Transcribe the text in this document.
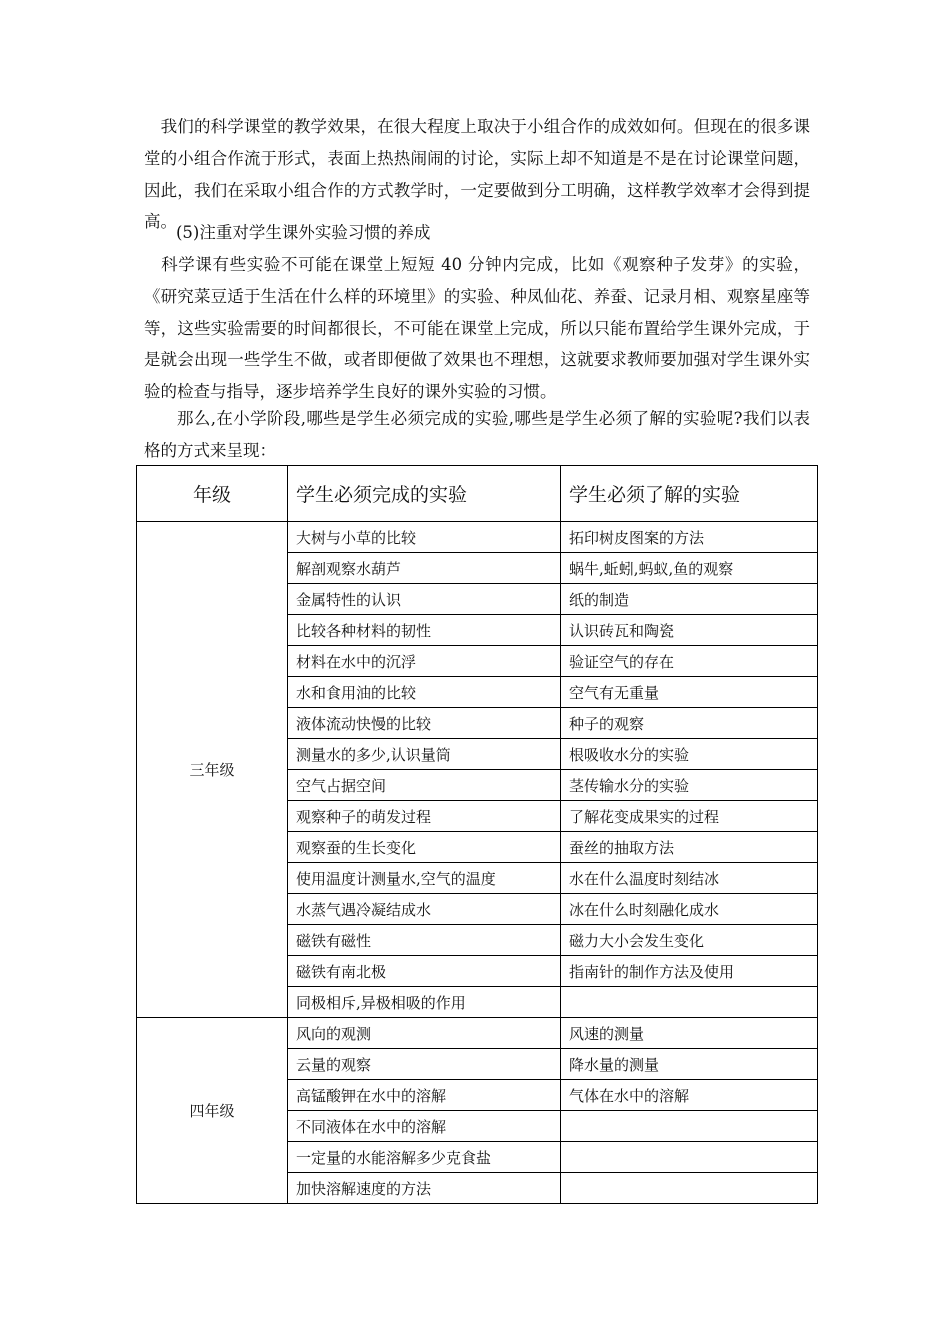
　我们的科学课堂的教学效果，在很大程度上取决于小组合作的成效如何。但现在的很多课堂的小组合作流于形式，表面上热热闹闹的讨论，实际上却不知道是不是在讨论课堂问题，因此，我们在采取小组合作的方式教学时，一定要做到分工明确，这样教学效率才会得到提高。

(5)注重对学生课外实验习惯的养成

　科学课有些实验不可能在课堂上短短 40 分钟内完成，比如《观察种子发芽》的实验，《研究菜豆适于生活在什么样的环境里》的实验、种凤仙花、养蚕、记录月相、观察星座等等，这些实验需要的时间都很长，不可能在课堂上完成，所以只能布置给学生课外完成，于是就会出现一些学生不做，或者即便做了效果也不理想，这就要求教师要加强对学生课外实验的检查与指导，逐步培养学生良好的课外实验的习惯。

那么,在小学阶段,哪些是学生必须完成的实验,哪些是学生必须了解的实验呢?我们以表格的方式来呈现：

年级	学生必须完成的实验	学生必须了解的实验
三年级	大树与小草的比较	拓印树皮图案的方法
	解剖观察水葫芦	蜗牛,蚯蚓,蚂蚁,鱼的观察
	金属特性的认识	纸的制造
	比较各种材料的韧性	认识砖瓦和陶瓷
	材料在水中的沉浮	验证空气的存在
	水和食用油的比较	空气有无重量
	液体流动快慢的比较	种子的观察
	测量水的多少,认识量筒	根吸收水分的实验
	空气占据空间	茎传输水分的实验
	观察种子的萌发过程	了解花变成果实的过程
	观察蚕的生长变化	蚕丝的抽取方法
	使用温度计测量水,空气的温度	水在什么温度时刻结冰
	水蒸气遇冷凝结成水	冰在什么时刻融化成水
	磁铁有磁性	磁力大小会发生变化
	磁铁有南北极	指南针的制作方法及使用
	同极相斥,异极相吸的作用	
四年级	风向的观测	风速的测量
	云量的观察	降水量的测量
	高锰酸钾在水中的溶解	气体在水中的溶解
	不同液体在水中的溶解	
	一定量的水能溶解多少克食盐	
	加快溶解速度的方法	
